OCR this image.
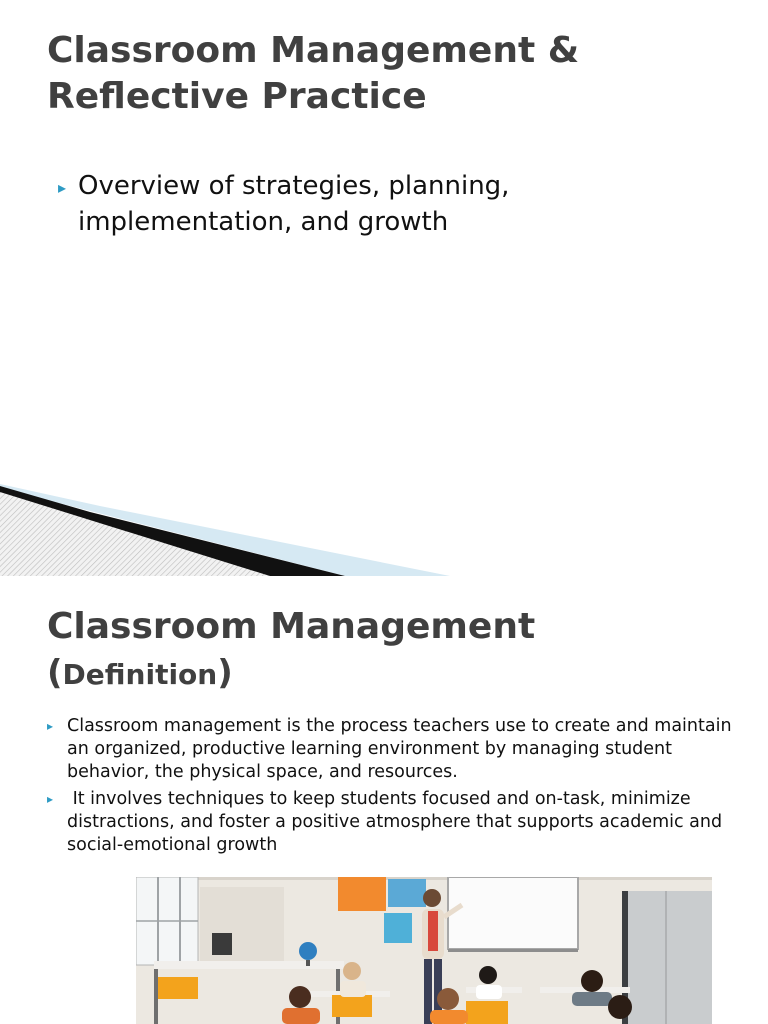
Classroom Management &
Reflective Practice
▸ Overview of strategies, planning, implementation, and growth
Classroom Management
(Definition)
▸ Classroom management is the process teachers use to create and maintain an organized, productive learning environment by managing student behavior, the physical space, and resources.
▸ It involves techniques to keep students focused and on-task, minimize distractions, and foster a positive atmosphere that supports academic and social-emotional growth
